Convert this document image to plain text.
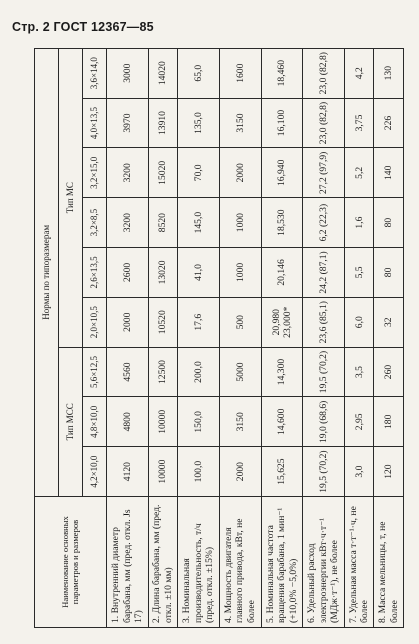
Стр. 2 ГОСТ 12367—85
Наименование основных параметров и размеров	Нормы по типоразмерам								
	Тип МСС			Тип МС					
	4,2×10,0	4,8×10,0	5,6×12,5	2,0×10,5	2,6×13,5	3,2×8,5	3,2×15,0	4,0×13,5	3,6×14,0
1. Внутренний диаметр барабана, мм (пред. откл. Js 17)	4120	4800	4560	2000	2600	3200	3200	3970	3000
2. Длина барабана, мм (пред. откл. ±10 мм)	10000	10000	12500	10520	13020	8520	15020	13910	14020
3. Номинальная производительность, т/ч (пред. откл. ±15%)	100,0	150,0	200,0	17,6	41,0	145,0	70,0	135,0	65,0
4. Мощность двигателя главного привода, кВт, не более	2000	3150	5000	500	1000	1000	2000	3150	1600
5. Номинальная частота вращения барабана, 1 мин⁻¹ (+10,0% −5,0%)	15,625	14,600	14,300	20,980 23,000*	20,146	18,530	16,940	16,100	18,460
6. Удельный расход электроэнергии кВт·ч·т⁻¹ (МДж·т⁻¹), не более	19,5 (70,2)	19,0 (68,6)	19,5 (70,2)	23,6 (85,1)	24,2 (87,1)	6,2 (22,3)	27,2 (97,9)	23,0 (82,8)	23,0 (82,8)
7. Удельная масса т·т⁻¹·ч, не более	3,0	2,95	3,5	6,0	5,5	1,6	5,2	3,75	4,2
8. Масса мельницы, т, не более	120	180	260	32	80	80	140	226	130
